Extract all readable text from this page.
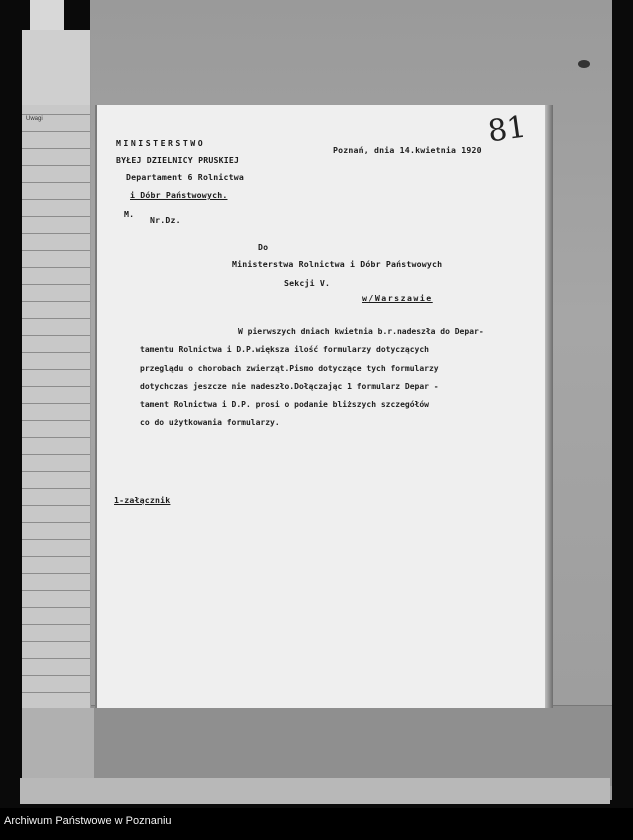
Uwagi
MINISTERSTWO
BYŁEJ DZIELNICY PRUSKIEJ
Departament 6 Rolnictwa
i Dóbr Państwowych.
M.
Nr.Dz.
Poznań, dnia 14.kwietnia 1920
81
Do
Ministerstwa Rolnictwa i Dóbr Państwowych
Sekcji V.
w/Warszawie
W pierwszych dniach kwietnia b.r.nadeszła do Depar-
tamentu Rolnictwa i D.P.większa ilość formularzy dotyczących
przeglądu o chorobach zwierząt.Pismo dotyczące tych formularzy
dotychczas jeszcze nie nadeszło.Dołączając 1 formularz Depar -
tament Rolnictwa i D.P. prosi o podanie bliższych szczegółów
co do użytkowania formularzy.
1-załącznik
Archiwum Państwowe w Poznaniu
